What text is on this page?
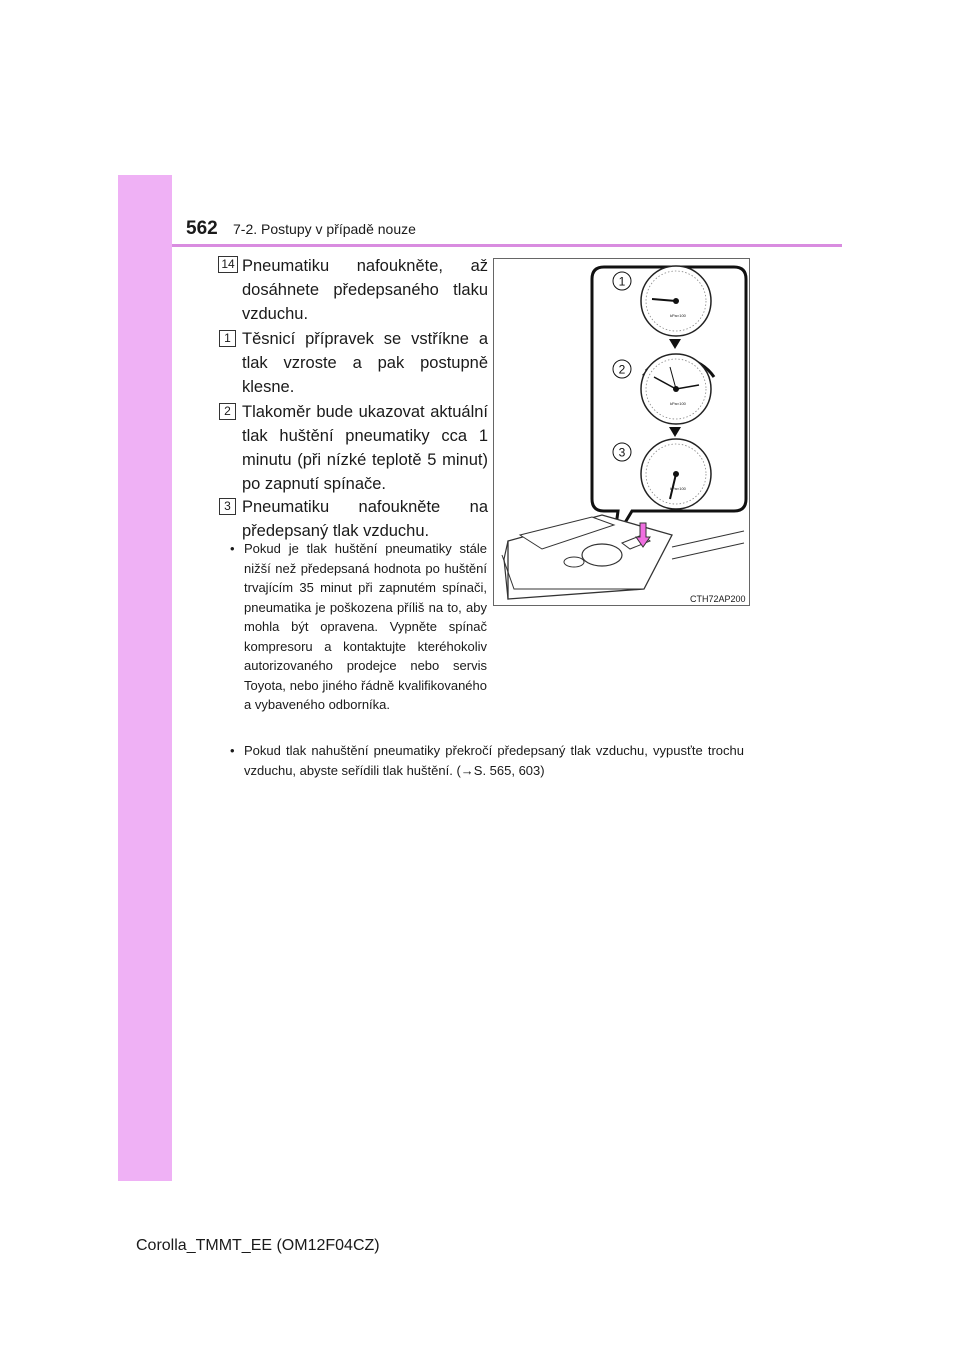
562 7-2. Postupy v případě nouze
14 Pneumatiku nafoukněte, až dosáhnete předepsaného tlaku vzduchu.
1 Těsnicí přípravek se vstříkne a tlak vzroste a pak postupně klesne.
2 Tlakoměr bude ukazovat aktuální tlak huštění pneumatiky cca 1 minutu (při nízké teplotě 5 minut) po zapnutí spínače.
3 Pneumatiku nafoukněte na předepsaný tlak vzduchu.
• Pokud je tlak huštění pneumatiky stále nižší než předepsaná hodnota po huštění trvajícím 35 minut při zapnutém spínači, pneumatika je poškozena příliš na to, aby mohla být opravena. Vypněte spínač kompresoru a kontaktujte kteréhokoliv autorizovaného prodejce nebo servis Toyota, nebo jiného řádně kvalifikovaného a vybaveného odborníka.
• Pokud tlak nahuštění pneumatiky překročí předepsaný tlak vzduchu, vypusťte trochu vzduchu, abyste seřídili tlak huštění. (→S. 565, 603)
kPa×100
kPa×100
kPa×100
1
2
3
CTH72AP200
Corolla_TMMT_EE (OM12F04CZ)
